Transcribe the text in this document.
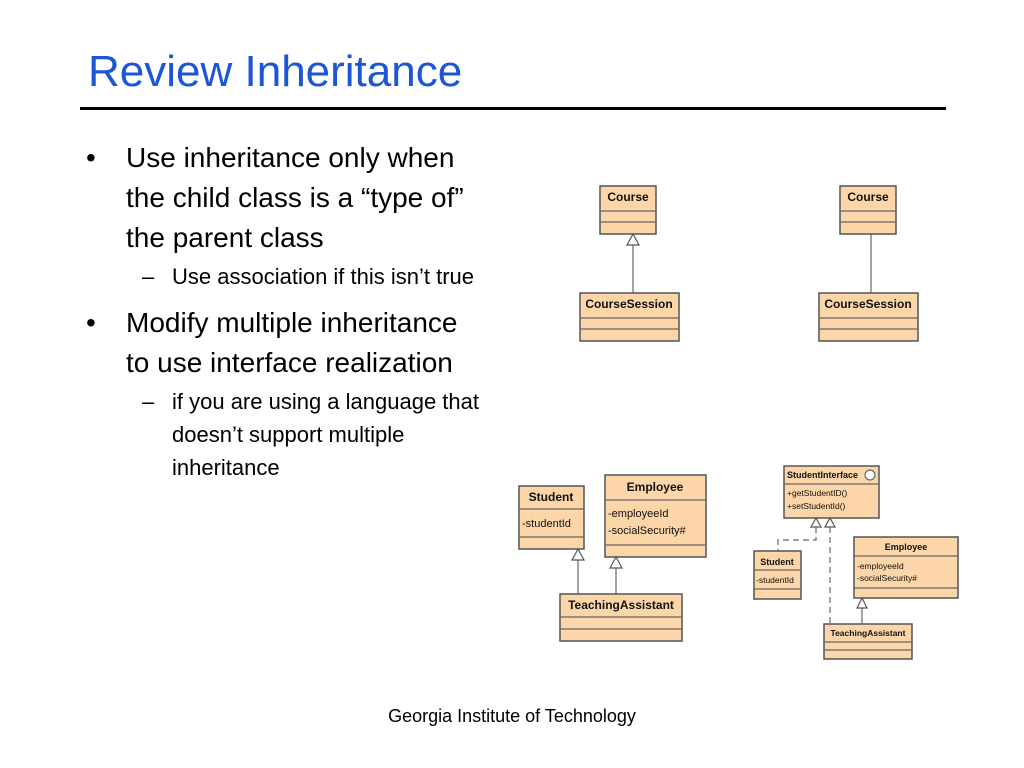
Review Inheritance
• Use inheritance only when the child class is a “type of” the parent class
– Use association if this isn’t true
• Modify multiple inheritance to use interface realization
– if you are using a language that doesn’t support multiple inheritance
Course
CourseSession
Course
CourseSession
Student
-studentId
Employee
-employeeId
-socialSecurity#
TeachingAssistant
StudentInterface
+getStudentID()
+setStudentId()
Student
-studentId
Employee
-employeeId
-socialSecurity#
TeachingAssistant
Georgia Institute of Technology
